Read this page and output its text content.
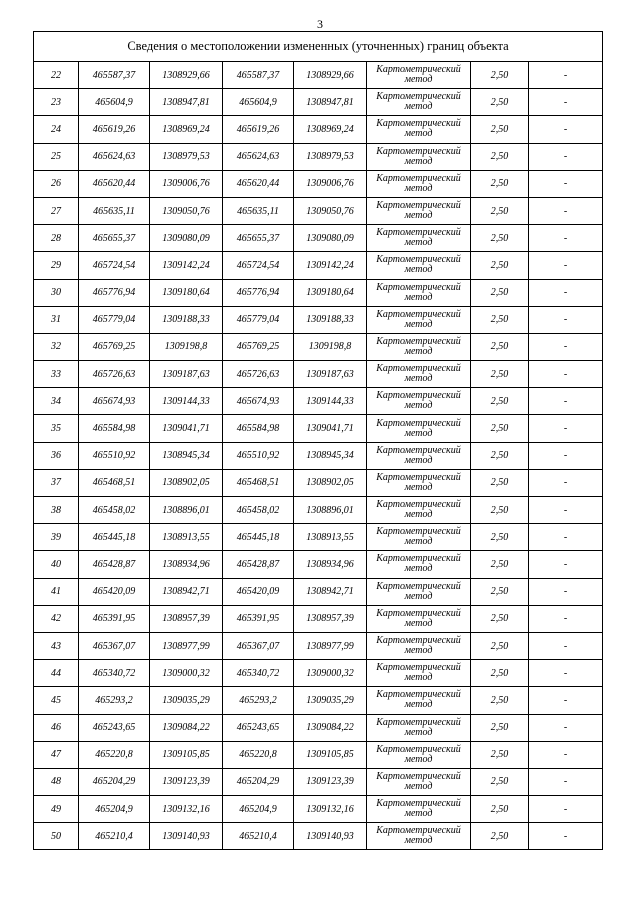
3
Сведения о местоположении измененных (уточненных) границ объекта							
22	465587,37	1308929,66	465587,37	1308929,66	Картометрический метод	2,50	-
23	465604,9	1308947,81	465604,9	1308947,81	Картометрический метод	2,50	-
24	465619,26	1308969,24	465619,26	1308969,24	Картометрический метод	2,50	-
25	465624,63	1308979,53	465624,63	1308979,53	Картометрический метод	2,50	-
26	465620,44	1309006,76	465620,44	1309006,76	Картометрический метод	2,50	-
27	465635,11	1309050,76	465635,11	1309050,76	Картометрический метод	2,50	-
28	465655,37	1309080,09	465655,37	1309080,09	Картометрический метод	2,50	-
29	465724,54	1309142,24	465724,54	1309142,24	Картометрический метод	2,50	-
30	465776,94	1309180,64	465776,94	1309180,64	Картометрический метод	2,50	-
31	465779,04	1309188,33	465779,04	1309188,33	Картометрический метод	2,50	-
32	465769,25	1309198,8	465769,25	1309198,8	Картометрический метод	2,50	-
33	465726,63	1309187,63	465726,63	1309187,63	Картометрический метод	2,50	-
34	465674,93	1309144,33	465674,93	1309144,33	Картометрический метод	2,50	-
35	465584,98	1309041,71	465584,98	1309041,71	Картометрический метод	2,50	-
36	465510,92	1308945,34	465510,92	1308945,34	Картометрический метод	2,50	-
37	465468,51	1308902,05	465468,51	1308902,05	Картометрический метод	2,50	-
38	465458,02	1308896,01	465458,02	1308896,01	Картометрический метод	2,50	-
39	465445,18	1308913,55	465445,18	1308913,55	Картометрический метод	2,50	-
40	465428,87	1308934,96	465428,87	1308934,96	Картометрический метод	2,50	-
41	465420,09	1308942,71	465420,09	1308942,71	Картометрический метод	2,50	-
42	465391,95	1308957,39	465391,95	1308957,39	Картометрический метод	2,50	-
43	465367,07	1308977,99	465367,07	1308977,99	Картометрический метод	2,50	-
44	465340,72	1309000,32	465340,72	1309000,32	Картометрический метод	2,50	-
45	465293,2	1309035,29	465293,2	1309035,29	Картометрический метод	2,50	-
46	465243,65	1309084,22	465243,65	1309084,22	Картометрический метод	2,50	-
47	465220,8	1309105,85	465220,8	1309105,85	Картометрический метод	2,50	-
48	465204,29	1309123,39	465204,29	1309123,39	Картометрический метод	2,50	-
49	465204,9	1309132,16	465204,9	1309132,16	Картометрический метод	2,50	-
50	465210,4	1309140,93	465210,4	1309140,93	Картометрический метод	2,50	-
